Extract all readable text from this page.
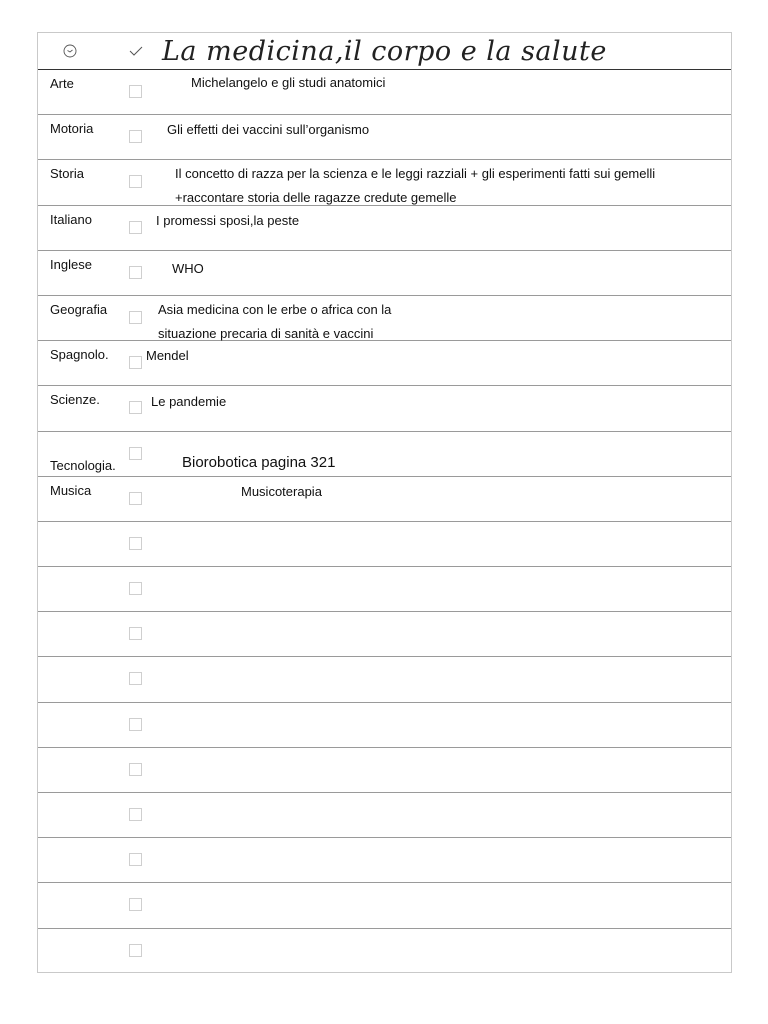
La medicina,il corpo e la salute
Arte	Michelangelo e gli studi anatomici
Motoria	Gli effetti dei vaccini sull’organismo
Storia	Il concetto di razza per la scienza e le leggi razziali + gli esperimenti fatti sui gemelli
+raccontare storia delle ragazze credute gemelle
Italiano	I promessi sposi,la peste
Inglese	WHO
Geografia	Asia medicina con le erbe o africa con la
situazione precaria di sanità e vaccini
Spagnolo.	Mendel
Scienze.	Le pandemie
Tecnologia.	Biorobotica pagina 321
Musica	Musicoterapia
